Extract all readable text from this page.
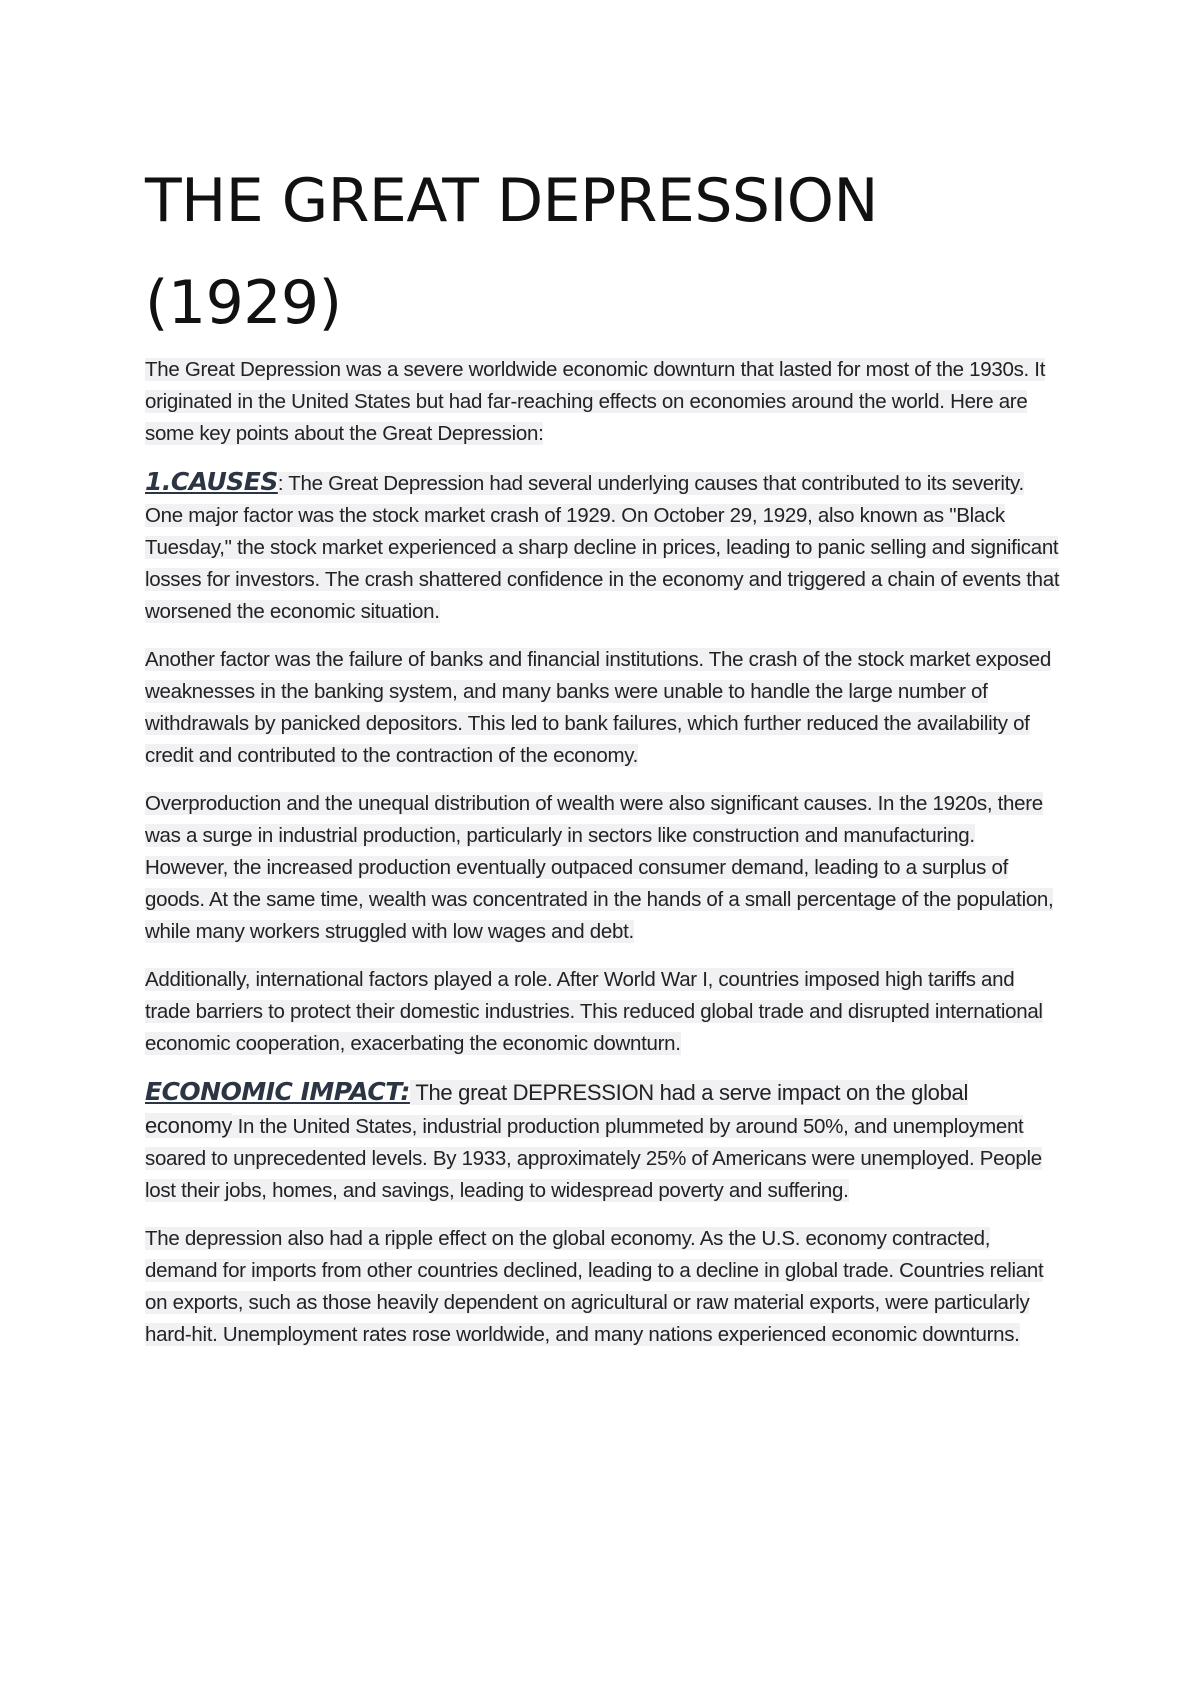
THE GREAT DEPRESSION (1929)

The Great Depression was a severe worldwide economic downturn that lasted for most of the 1930s. It originated in the United States but had far-reaching effects on economies around the world. Here are some key points about the Great Depression:

1.CAUSES: The Great Depression had several underlying causes that contributed to its severity. One major factor was the stock market crash of 1929. On October 29, 1929, also known as "Black Tuesday," the stock market experienced a sharp decline in prices, leading to panic selling and significant losses for investors. The crash shattered confidence in the economy and triggered a chain of events that worsened the economic situation.

Another factor was the failure of banks and financial institutions. The crash of the stock market exposed weaknesses in the banking system, and many banks were unable to handle the large number of withdrawals by panicked depositors. This led to bank failures, which further reduced the availability of credit and contributed to the contraction of the economy.

Overproduction and the unequal distribution of wealth were also significant causes. In the 1920s, there was a surge in industrial production, particularly in sectors like construction and manufacturing. However, the increased production eventually outpaced consumer demand, leading to a surplus of goods. At the same time, wealth was concentrated in the hands of a small percentage of the population, while many workers struggled with low wages and debt.

Additionally, international factors played a role. After World War I, countries imposed high tariffs and trade barriers to protect their domestic industries. This reduced global trade and disrupted international economic cooperation, exacerbating the economic downturn.

ECONOMIC IMPACT: The great DEPRESSION had a serve impact on the global economy In the United States, industrial production plummeted by around 50%, and unemployment soared to unprecedented levels. By 1933, approximately 25% of Americans were unemployed. People lost their jobs, homes, and savings, leading to widespread poverty and suffering.

The depression also had a ripple effect on the global economy. As the U.S. economy contracted, demand for imports from other countries declined, leading to a decline in global trade. Countries reliant on exports, such as those heavily dependent on agricultural or raw material exports, were particularly hard-hit. Unemployment rates rose worldwide, and many nations experienced economic downturns.
